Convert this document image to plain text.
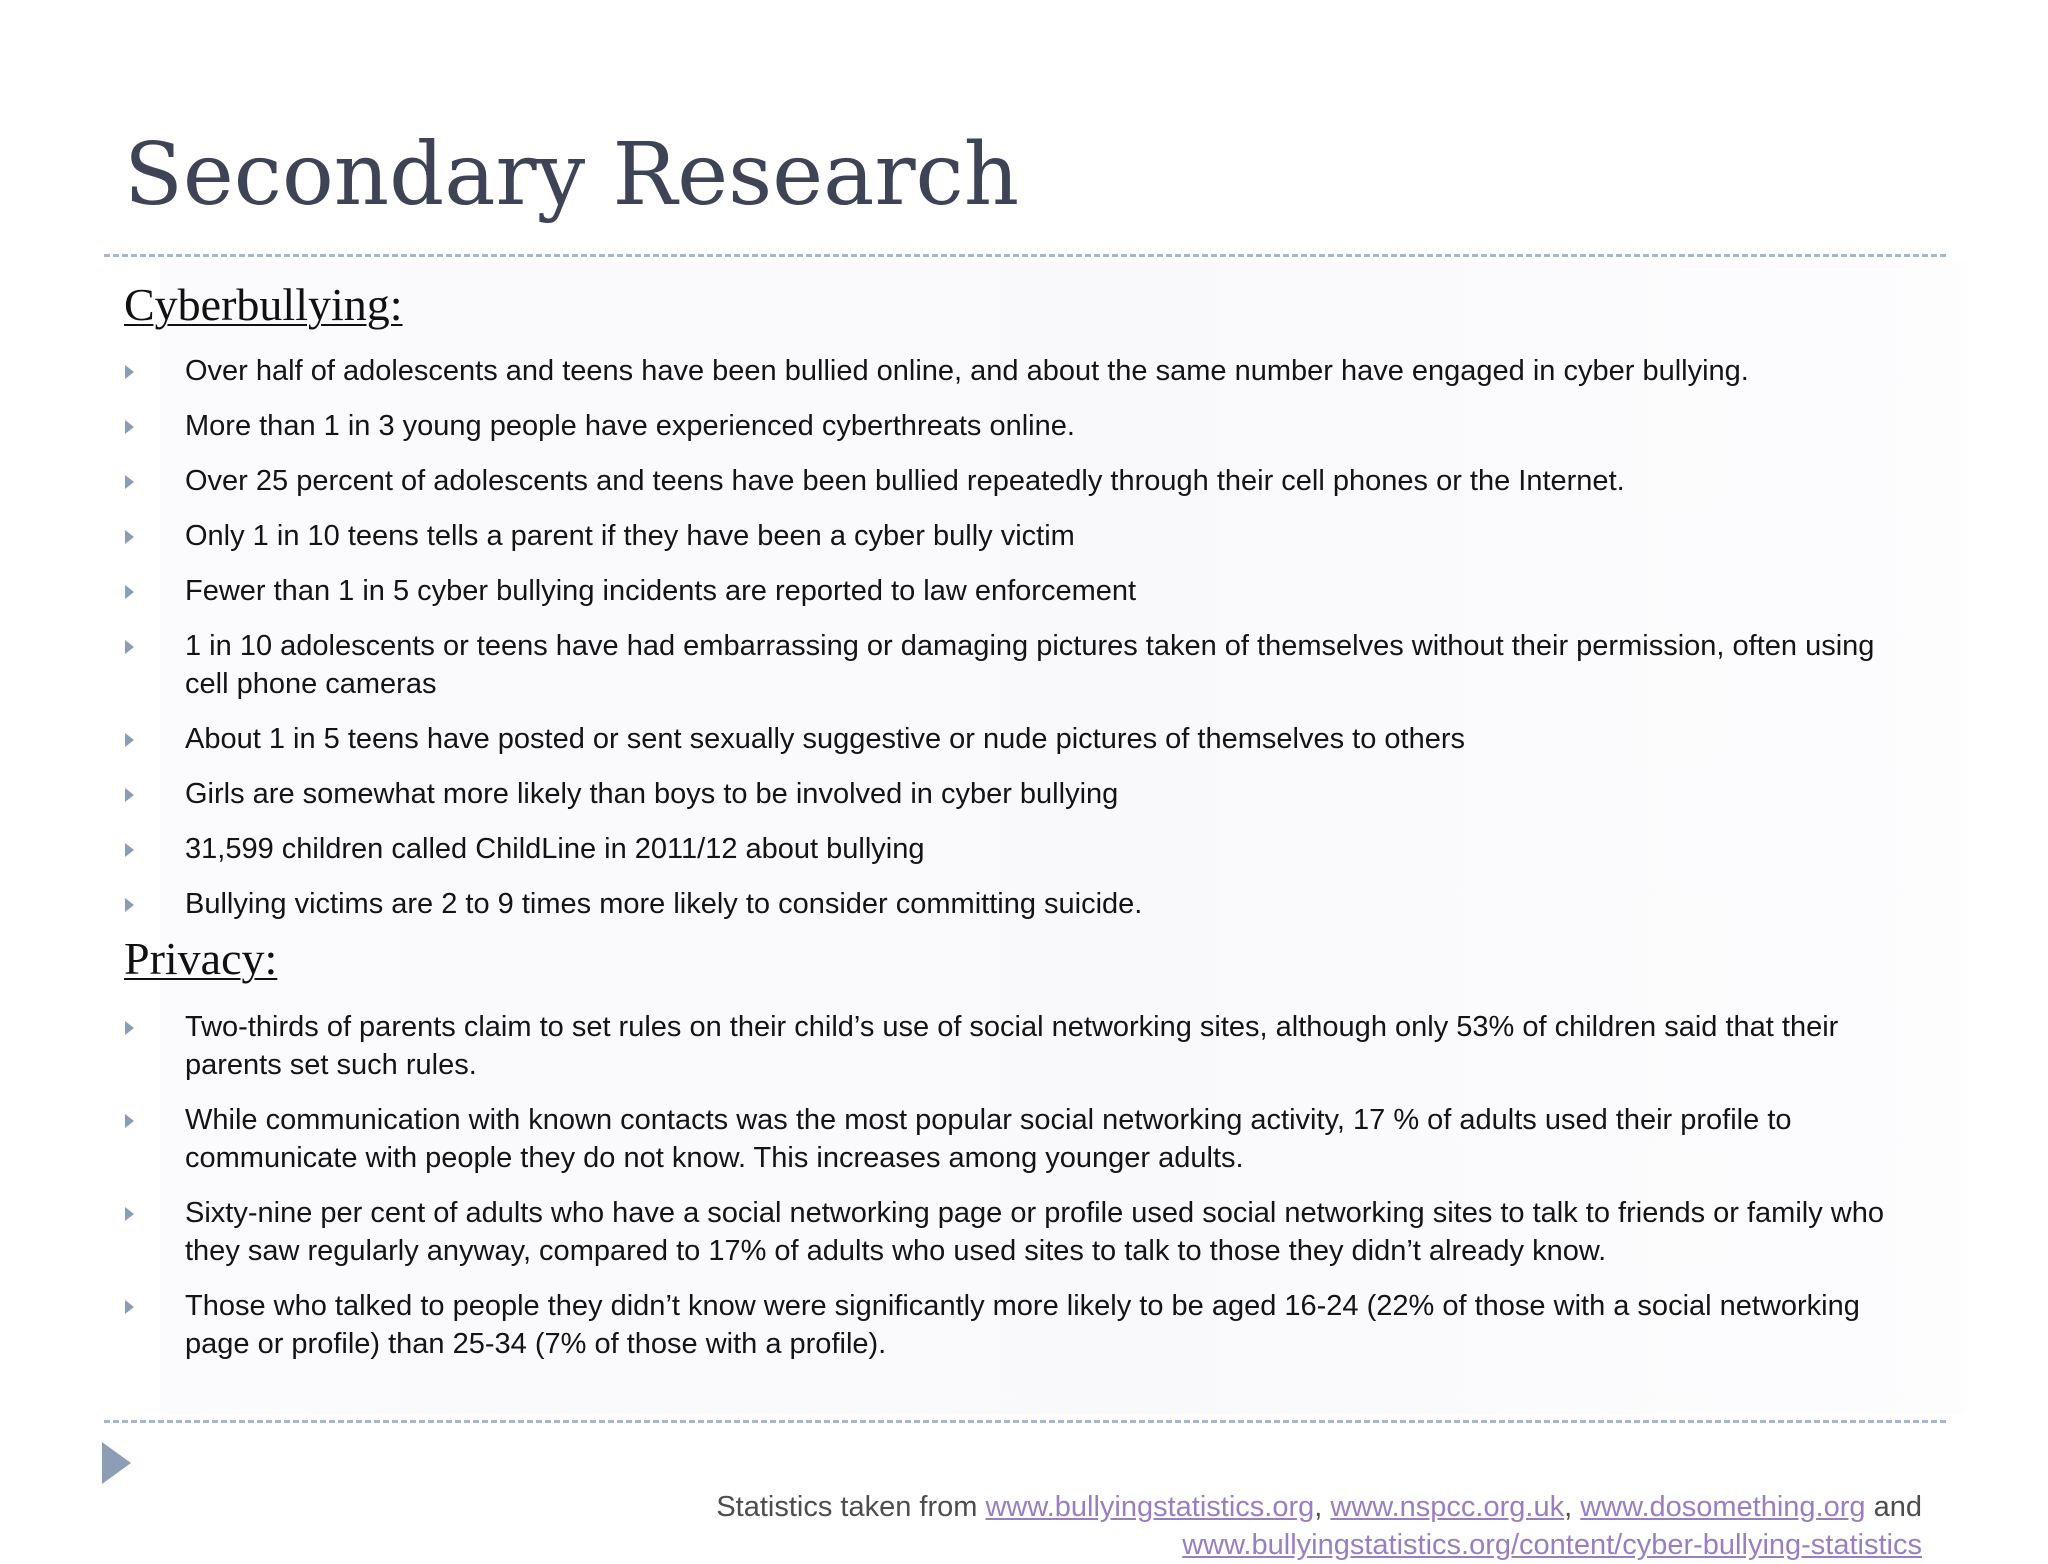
Secondary Research
Cyberbullying:
Over half of adolescents and teens have been bullied online, and about the same number have engaged in cyber bullying.
More than 1 in 3 young people have experienced cyberthreats online.
Over 25 percent of adolescents and teens have been bullied repeatedly through their cell phones or the Internet.
Only 1 in 10 teens tells a parent if they have been a cyber bully victim
Fewer than 1 in 5 cyber bullying incidents are reported to law enforcement
1 in 10 adolescents or teens have had embarrassing or damaging pictures taken of themselves without their permission, often using cell phone cameras
About 1 in 5 teens have posted or sent sexually suggestive or nude pictures of themselves to others
Girls are somewhat more likely than boys to be involved in cyber bullying
31,599 children called ChildLine in 2011/12 about bullying
Bullying victims are 2 to 9 times more likely to consider committing suicide.
Privacy:
Two-thirds of parents claim to set rules on their child’s use of social networking sites, although only 53% of children said that their parents set such rules.
While communication with known contacts was the most popular social networking activity, 17 % of adults used their profile to communicate with people they do not know. This increases among younger adults.
Sixty-nine per cent of adults who have a social networking page or profile used social networking sites to talk to friends or family who they saw regularly anyway, compared to 17% of adults who used sites to talk to those they didn’t already know.
Those who talked to people they didn’t know were significantly more likely to be aged 16-24 (22% of those with a social networking page or profile) than 25-34 (7% of those with a profile).
Statistics taken from www.bullyingstatistics.org, www.nspcc.org.uk, www.dosomething.org and
www.bullyingstatistics.org/content/cyber-bullying-statistics
